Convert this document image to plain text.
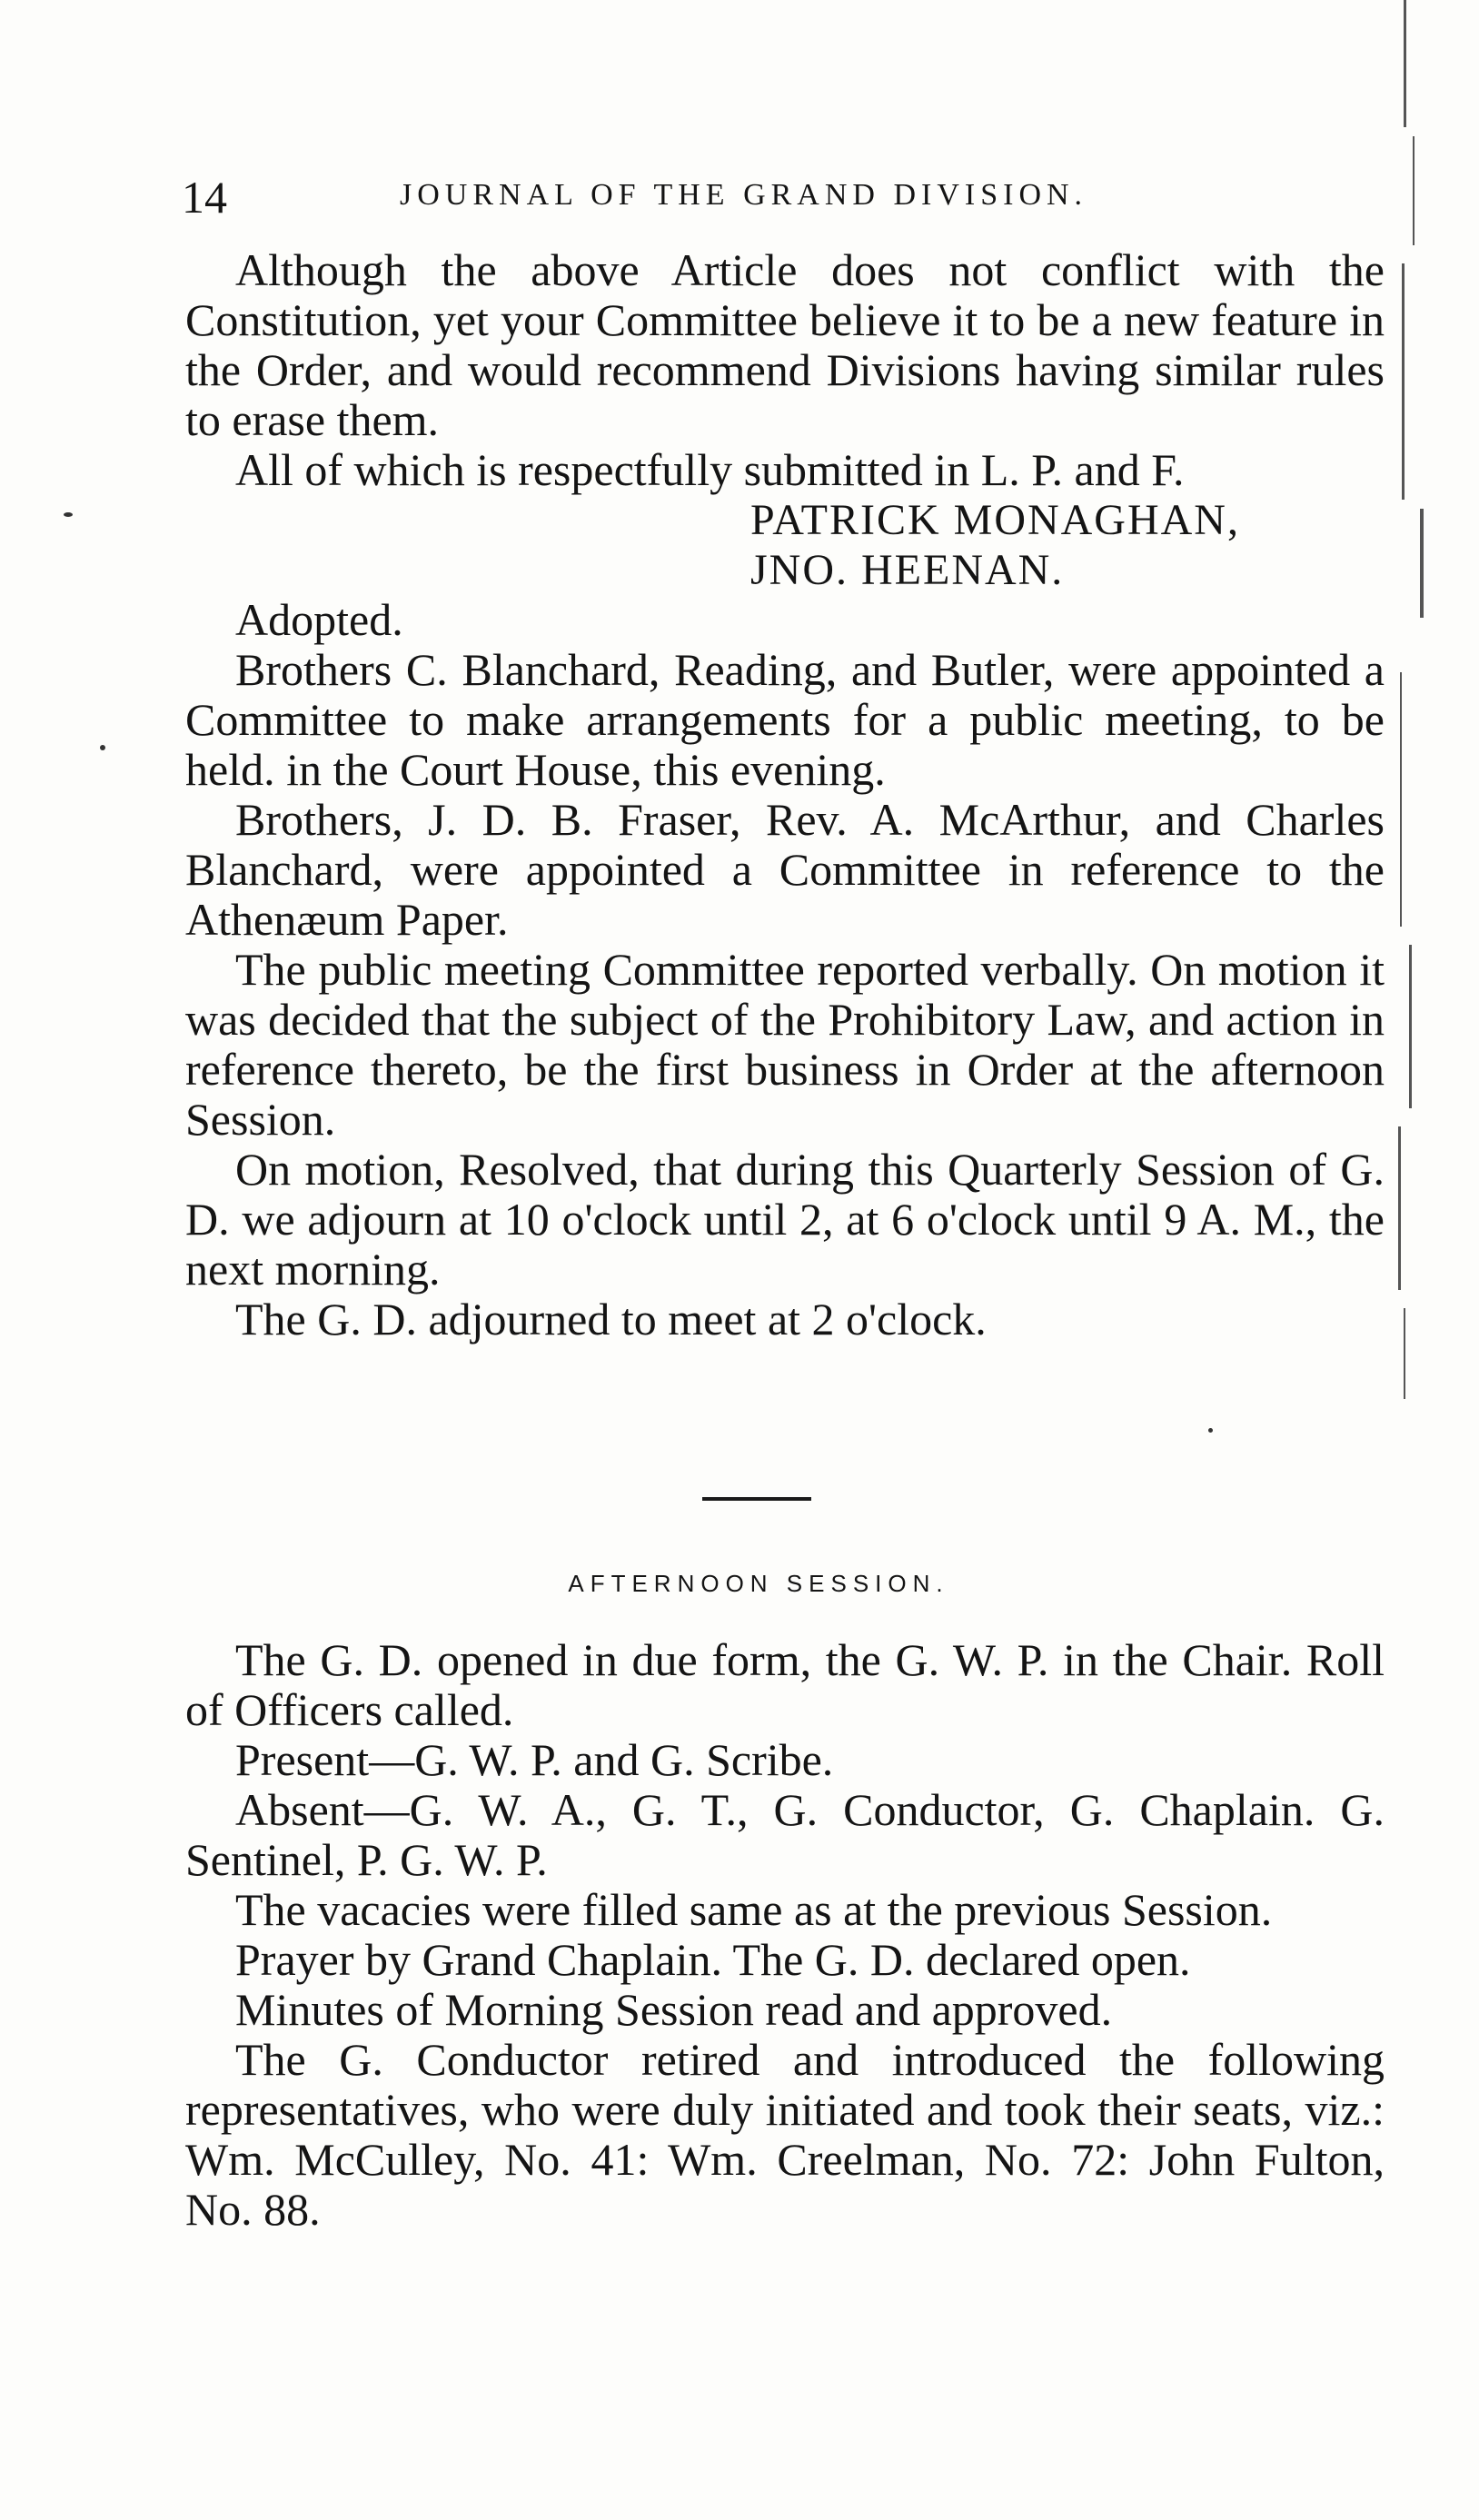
14	JOURNAL OF THE GRAND DIVISION.

Although the above Article does not conflict with the Constitution, yet your Committee believe it to be a new feature in the Order, and would recommend Divisions having similar rules to erase them.

All of which is respectfully submitted in L. P. and F.

PATRICK MONAGHAN,
JNO. HEENAN.

Adopted.

Brothers C. Blanchard, Reading, and Butler, were appointed a Committee to make arrangements for a public meeting, to be held. in the Court House, this evening.

Brothers, J. D. B. Fraser, Rev. A. McArthur, and Charles Blanchard, were appointed a Committee in reference to the Athenæum Paper.

The public meeting Committee reported verbally. On motion it was decided that the subject of the Prohibitory Law, and action in reference thereto, be the first business in Order at the afternoon Session.

On motion, Resolved, that during this Quarterly Session of G. D. we adjourn at 10 o'clock until 2, at 6 o'clock until 9 A. M., the next morning.

The G. D. adjourned to meet at 2 o'clock.

AFTERNOON SESSION.

The G. D. opened in due form, the G. W. P. in the Chair. Roll of Officers called.

Present—G. W. P. and G. Scribe.

Absent—G. W. A., G. T., G. Conductor, G. Chaplain. G. Sentinel, P. G. W. P.

The vacacies were filled same as at the previous Session.

Prayer by Grand Chaplain. The G. D. declared open.

Minutes of Morning Session read and approved.

The G. Conductor retired and introduced the following representatives, who were duly initiated and took their seats, viz.: Wm. McCulley, No. 41: Wm. Creelman, No. 72: John Fulton, No. 88.
